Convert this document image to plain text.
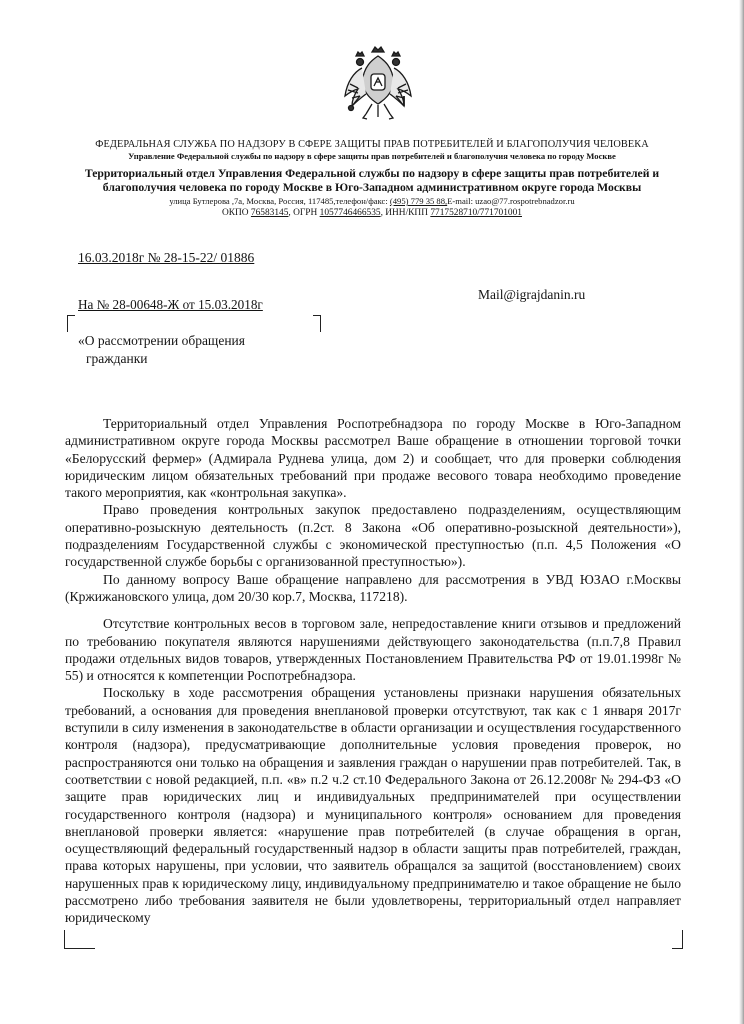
ФЕДЕРАЛЬНАЯ СЛУЖБА ПО НАДЗОРУ В СФЕРЕ ЗАЩИТЫ ПРАВ ПОТРЕБИТЕЛЕЙ И БЛАГОПОЛУЧИЯ ЧЕЛОВЕКА
Управление Федеральной службы по надзору в сфере защиты прав потребителей и благополучия человека по городу Москве
Территориальный отдел Управления Федеральной службы по надзору в сфере защиты прав потребителей и
благополучия человека по городу Москве в Юго-Западном административном округе города Москвы
улица Бутлерова ,7а, Москва, Россия, 117485,телефон/факс: (495) 779 35 88,E-mail: uzao@77.rospotrebnadzor.ru
ОКПО 76583145, ОГРН 1057746466535, ИНН/КПП 7717528710/771701001
16.03.2018г № 28-15-22/ 01886
Mail@igrajdanin.ru
На № 28-00648-Ж от 15.03.2018г
«О рассмотрении обращения
гражданки

Территориальный отдел Управления Роспотребнадзора по городу Москве в Юго-Западном административном округе города Москвы рассмотрел Ваше обращение в отношении торговой точки «Белорусский фермер» (Адмирала Руднева улица, дом 2) и сообщает, что для проверки соблюдения юридическим лицом обязательных требований при продаже весового товара необходимо проведение такого мероприятия, как «контрольная закупка».

Право проведения контрольных закупок предоставлено подразделениям, осуществляющим оперативно-розыскную деятельность (п.2ст. 8 Закона «Об оперативно-розыскной деятельности»), подразделениям Государственной службы с экономической преступностью (п.п. 4,5 Положения «О государственной службе борьбы с организованной преступностью»).

По данному вопросу Ваше обращение направлено для рассмотрения в УВД ЮЗАО г.Москвы (Кржижановского улица, дом 20/30 кор.7, Москва, 117218).

Отсутствие контрольных весов в торговом зале, непредоставление книги отзывов и предложений по требованию покупателя являются нарушениями действующего законодательства (п.п.7,8 Правил продажи отдельных видов товаров, утвержденных Постановлением Правительства РФ от 19.01.1998г № 55) и относятся к компетенции Роспотребнадзора.

Поскольку в ходе рассмотрения обращения установлены признаки нарушения обязательных требований, а основания для проведения внеплановой проверки отсутствуют, так как с 1 января 2017г вступили в силу изменения в законодательстве в области организации и осуществления государственного контроля (надзора), предусматривающие дополнительные условия проведения проверок, но распространяются они только на обращения и заявления граждан о нарушении прав потребителей. Так, в соответствии с новой редакцией, п.п. «в» п.2 ч.2 ст.10 Федерального Закона от 26.12.2008г № 294-ФЗ «О защите прав юридических лиц и индивидуальных предпринимателей при осуществлении государственного контроля (надзора) и муниципального контроля» основанием для проведения внеплановой проверки является: «нарушение прав потребителей (в случае обращения в орган, осуществляющий федеральный государственный надзор в области защиты прав потребителей, граждан, права которых нарушены, при условии, что заявитель обращался за защитой (восстановлением) своих нарушенных прав к юридическому лицу, индивидуальному предпринимателю и такое обращение не было рассмотрено либо требования заявителя не были удовлетворены, территориальный отдел направляет юридическому
